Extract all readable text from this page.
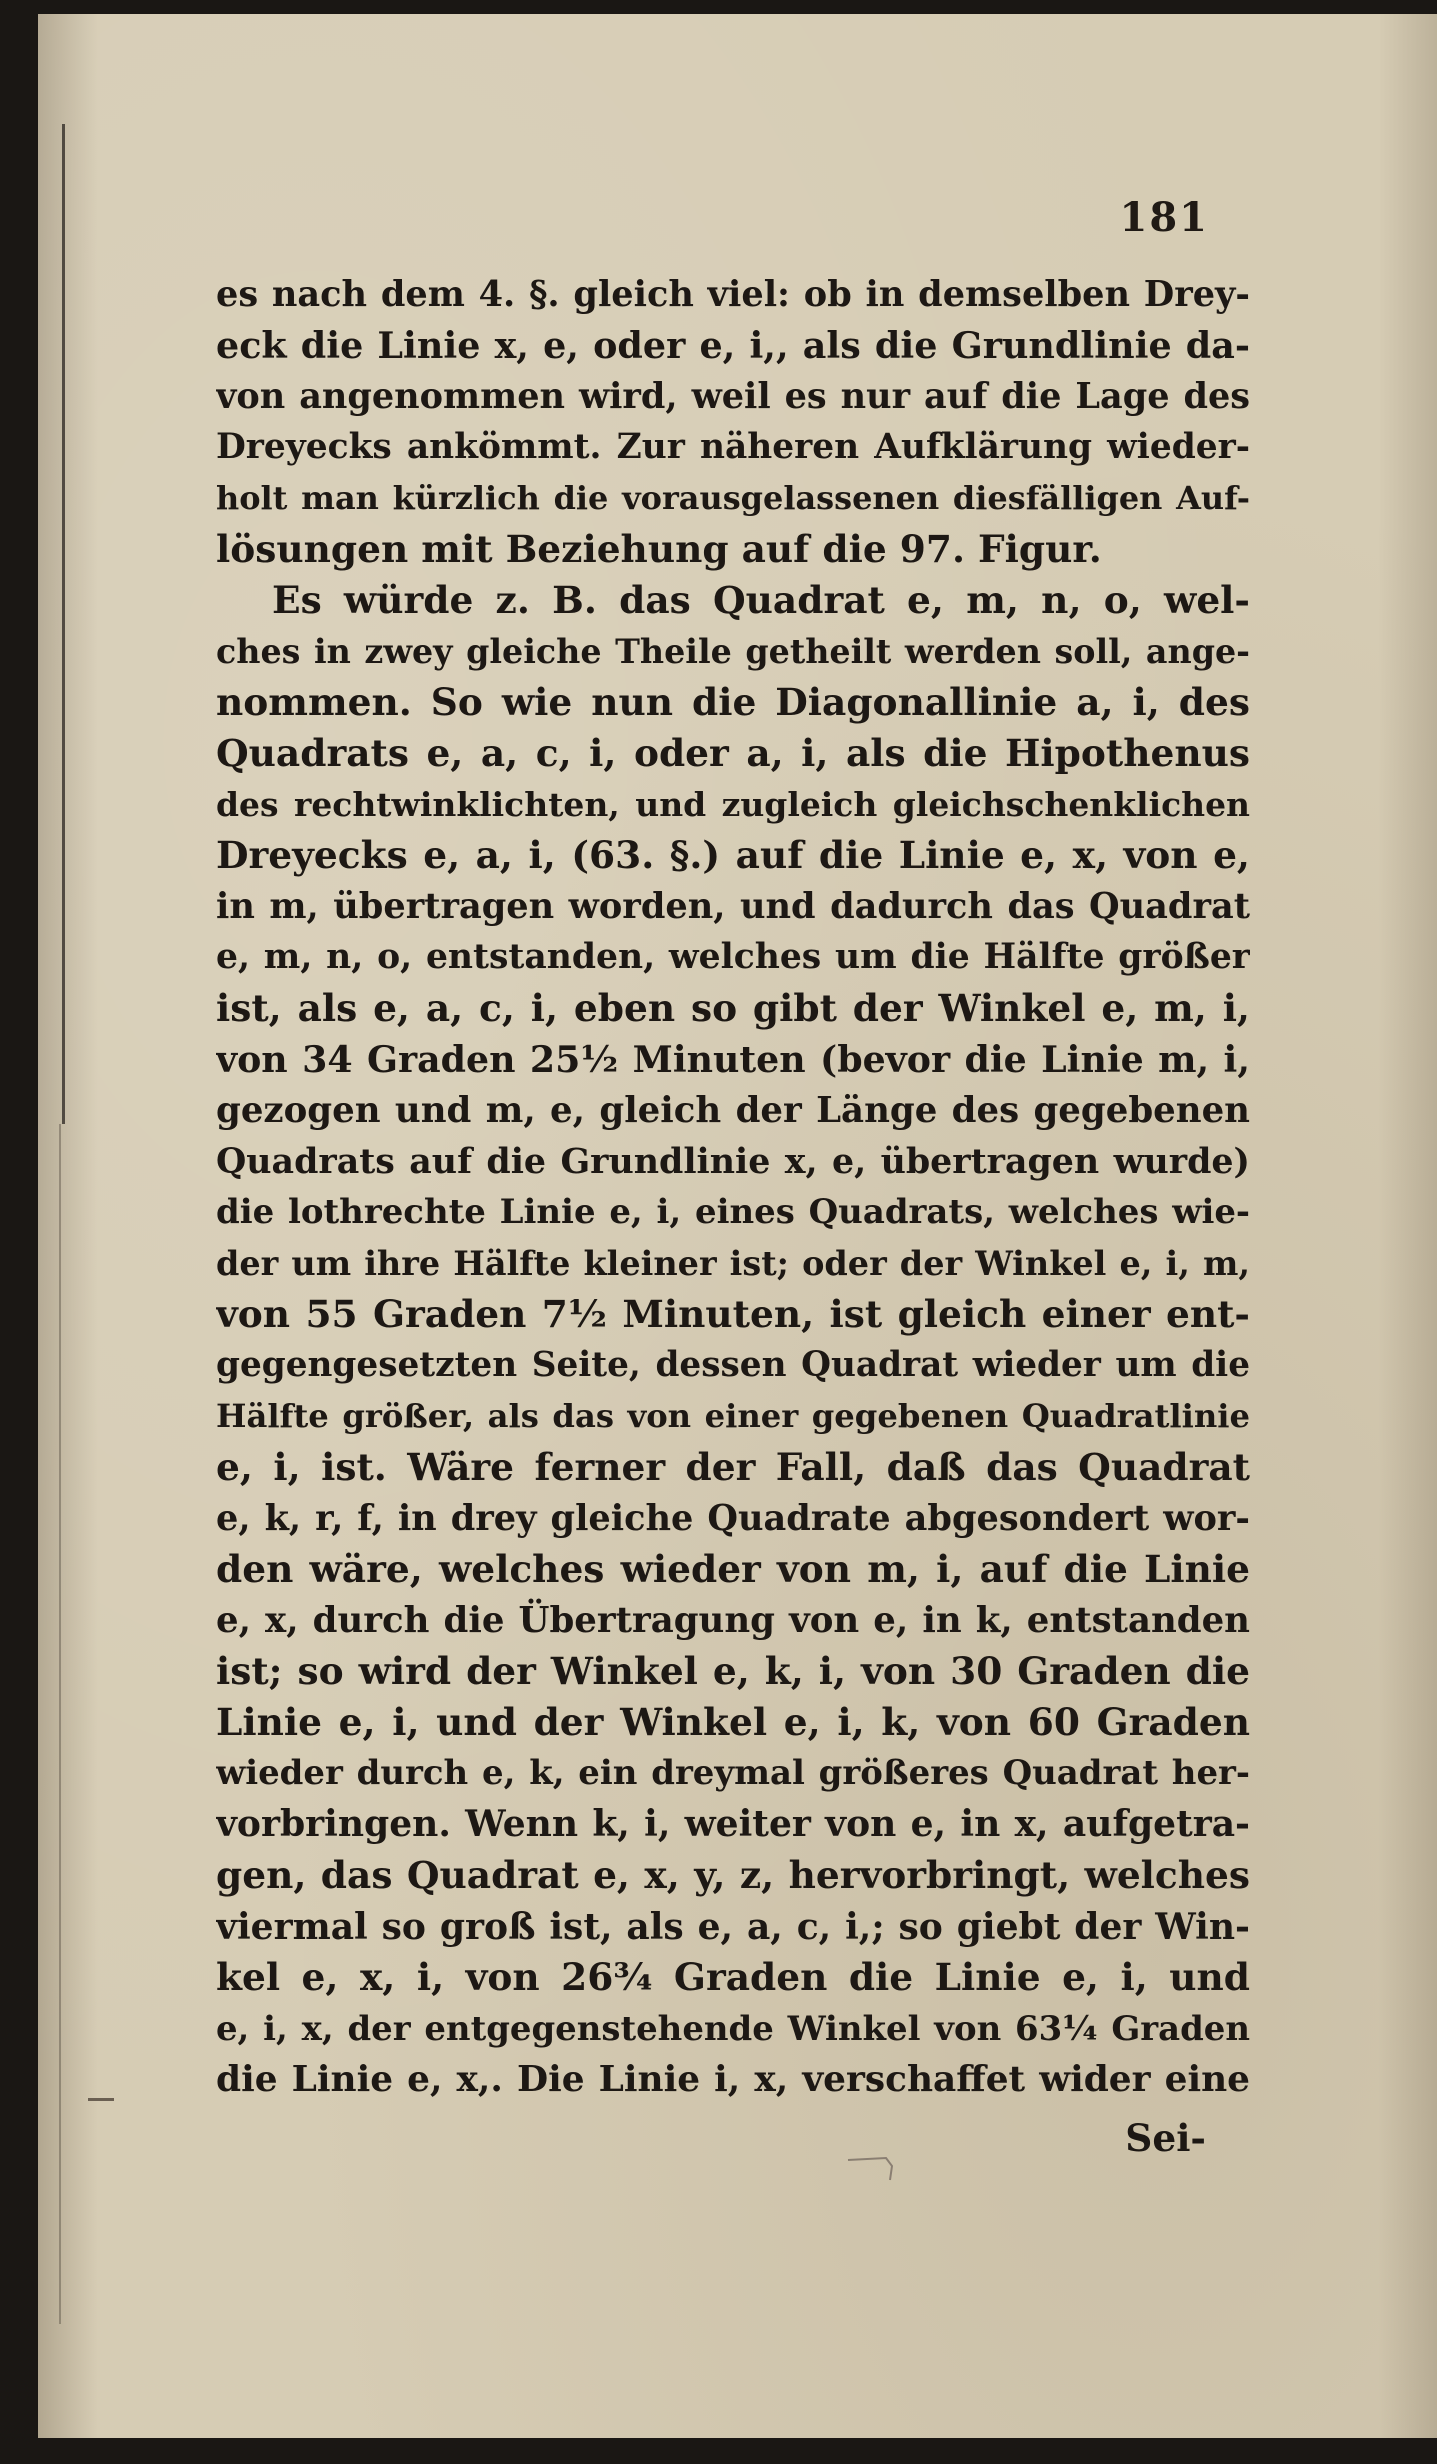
181
es nach dem 4. §. gleich viel: ob in demselben Drey-
eck die Linie x, e, oder e, i,, als die Grundlinie da-
von angenommen wird, weil es nur auf die Lage des
Dreyecks ankömmt. Zur näheren Aufklärung wieder-
holt man kürzlich die vorausgelassenen diesfälligen Auf-
lösungen mit Beziehung auf die 97. Figur.
Es würde z. B. das Quadrat e, m, n, o, wel-
ches in zwey gleiche Theile getheilt werden soll, ange-
nommen. So wie nun die Diagonallinie a, i, des
Quadrats e, a, c, i, oder a, i, als die Hipothenus
des rechtwinklichten, und zugleich gleichschenklichen
Dreyecks e, a, i, (63. §.) auf die Linie e, x, von e,
in m, übertragen worden, und dadurch das Quadrat
e, m, n, o, entstanden, welches um die Hälfte größer
ist, als e, a, c, i, eben so gibt der Winkel e, m, i,
von 34 Graden 25½ Minuten (bevor die Linie m, i,
gezogen und m, e, gleich der Länge des gegebenen
Quadrats auf die Grundlinie x, e, übertragen wurde)
die lothrechte Linie e, i, eines Quadrats, welches wie-
der um ihre Hälfte kleiner ist; oder der Winkel e, i, m,
von 55 Graden 7½ Minuten, ist gleich einer ent-
gegengesetzten Seite, dessen Quadrat wieder um die
Hälfte größer, als das von einer gegebenen Quadratlinie
e, i, ist. Wäre ferner der Fall, daß das Quadrat
e, k, r, f, in drey gleiche Quadrate abgesondert wor-
den wäre, welches wieder von m, i, auf die Linie
e, x, durch die Übertragung von e, in k, entstanden
ist; so wird der Winkel e, k, i, von 30 Graden die
Linie e, i, und der Winkel e, i, k, von 60 Graden
wieder durch e, k, ein dreymal größeres Quadrat her-
vorbringen. Wenn k, i, weiter von e, in x, aufgetra-
gen, das Quadrat e, x, y, z, hervorbringt, welches
viermal so groß ist, als e, a, c, i,; so giebt der Win-
kel e, x, i, von 26¾ Graden die Linie e, i, und
e, i, x, der entgegenstehende Winkel von 63¼ Graden
die Linie e, x,. Die Linie i, x, verschaffet wider eine
Sei-
